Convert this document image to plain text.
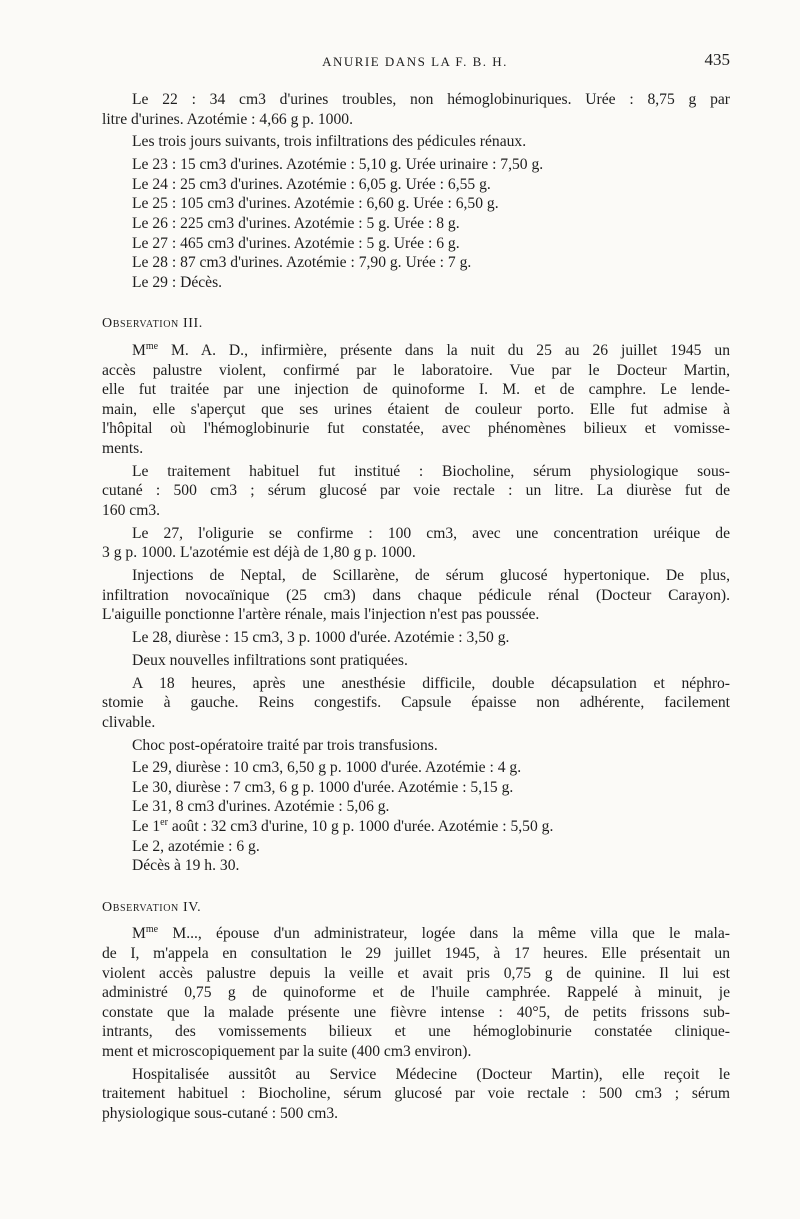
ANURIE DANS LA F. B. H.	435
Le 22 : 34 cm3 d'urines troubles, non hémoglobinuriques. Urée : 8,75 g par
litre d'urines. Azotémie : 4,66 g p. 1000.
Les trois jours suivants, trois infiltrations des pédicules rénaux.
Le 23 : 15 cm3 d'urines. Azotémie : 5,10 g. Urée urinaire : 7,50 g.
Le 24 : 25 cm3 d'urines. Azotémie : 6,05 g. Urée : 6,55 g.
Le 25 : 105 cm3 d'urines. Azotémie : 6,60 g. Urée : 6,50 g.
Le 26 : 225 cm3 d'urines. Azotémie : 5 g. Urée : 8 g.
Le 27 : 465 cm3 d'urines. Azotémie : 5 g. Urée : 6 g.
Le 28 : 87 cm3 d'urines. Azotémie : 7,90 g. Urée : 7 g.
Le 29 : Décès.
Observation III.
$M^{me}$ M. A. D., infirmière, présente dans la nuit du 25 au 26 juillet 1945 un
accès palustre violent, confirmé par le laboratoire. Vue par le Docteur Martin,
elle fut traitée par une injection de quinoforme I. M. et de camphre. Le lende-
main, elle s'aperçut que ses urines étaient de couleur porto. Elle fut admise à
l'hôpital où l'hémoglobinurie fut constatée, avec phénomènes bilieux et vomisse-
ments.
Le traitement habituel fut institué : Biocholine, sérum physiologique sous-
cutané : 500 cm3 ; sérum glucosé par voie rectale : un litre. La diurèse fut de
160 cm3.
Le 27, l'oligurie se confirme : 100 cm3, avec une concentration uréique de
3 g p. 1000. L'azotémie est déjà de 1,80 g p. 1000.
Injections de Neptal, de Scillarène, de sérum glucosé hypertonique. De plus,
infiltration novocaïnique (25 cm3) dans chaque pédicule rénal (Docteur Carayon).
L'aiguille ponctionne l'artère rénale, mais l'injection n'est pas poussée.
Le 28, diurèse : 15 cm3, 3 p. 1000 d'urée. Azotémie : 3,50 g.
Deux nouvelles infiltrations sont pratiquées.
A 18 heures, après une anesthésie difficile, double décapsulation et néphro-
stomie à gauche. Reins congestifs. Capsule épaisse non adhérente, facilement
clivable.
Choc post-opératoire traité par trois transfusions.
Le 29, diurèse : 10 cm3, 6,50 g p. 1000 d'urée. Azotémie : 4 g.
Le 30, diurèse : 7 cm3, 6 g p. 1000 d'urée. Azotémie : 5,15 g.
Le 31, 8 cm3 d'urines. Azotémie : 5,06 g.
Le 1er août : 32 cm3 d'urine, 10 g p. 1000 d'urée. Azotémie : 5,50 g.
Le 2, azotémie : 6 g.
Décès à 19 h. 30.
Observation IV.
$M^{me}$ M..., épouse d'un administrateur, logée dans la même villa que le mala-
de I, m'appela en consultation le 29 juillet 1945, à 17 heures. Elle présentait un
violent accès palustre depuis la veille et avait pris 0,75 g de quinine. Il lui est
administré 0,75 g de quinoforme et de l'huile camphrée. Rappelé à minuit, je
constate que la malade présente une fièvre intense : 40°5, de petits frissons sub-
intrants, des vomissements bilieux et une hémoglobinurie constatée clinique-
ment et microscopiquement par la suite (400 cm3 environ).
Hospitalisée aussitôt au Service Médecine (Docteur Martin), elle reçoit le
traitement habituel : Biocholine, sérum glucosé par voie rectale : 500 cm3 ; sérum
physiologique sous-cutané : 500 cm3.
